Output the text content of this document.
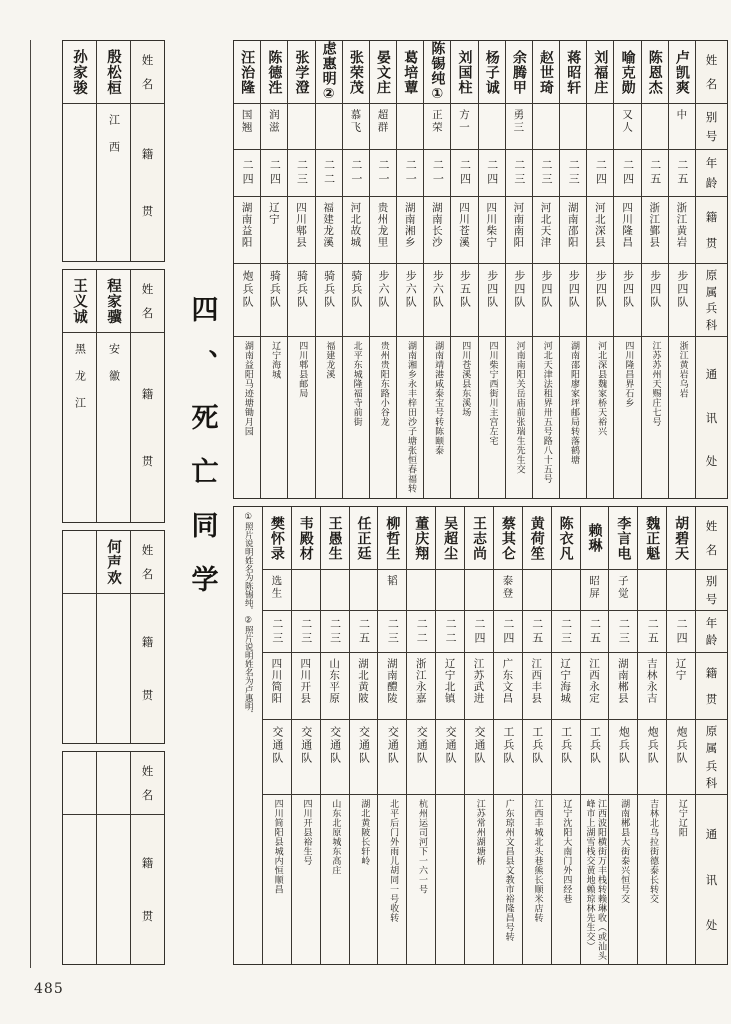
姓
名
籍
贯
殷松桓
江西
孙家骏
姓
名
籍
贯
程家骥
安徽
王义诚
黑龙江
姓
名
籍
贯
何声欢
姓
名
籍
贯
四、死亡同学
姓
名
别
号
年
龄
籍
贯
原
属
兵
科
通
讯
处
卢凯爽
中
二五
浙江黄岩
步四队
浙江黄岩乌岩
陈恩杰
二五
浙江鄞县
步四队
江苏苏州天赐庄七号
喻克勋
又人
二四
四川隆昌
步四队
四川隆昌界石乡
刘福庄
二四
河北深县
步四队
河北深县魏家桥天裕兴
蒋昭轩
二三
湖南邵阳
步四队
湖南邵阳廖家坪邮局转落鹤塘
赵世琦
二三
河北天津
步四队
河北天津法租界卅五号路八十五号
余腾甲
勇三
二三
河南南阳
步四队
河南南阳关岳庙前张瑞生先生交
杨子诚
二四
四川柴宁
步四队
四川柴宁西街川主宫左宅
刘国柱
方一
二四
四川苍溪
步五队
四川苍溪县东溪场
陈锡纯①
正荣
二一
湖南长沙
步六队
湖南靖港咸泰宝号转陈颐泰
葛培蕈
二一
湖南湘乡
步六队
湖南湘乡永丰梓田沙子塘张恒春福转
晏文庄
超群
二一
贵州龙里
步六队
贵州贵阳东路小谷龙
张荣茂
慕飞
二一
河北故城
骑兵队
北平东城隆福寺前街
虑惠明②
二二
福建龙溪
骑兵队
福建龙溪
张学澄
二三
四川郫县
骑兵队
四川郫县邮局
陈德泩
润滋
二四
辽宁
骑兵队
辽宁海城
汪治隆
国翘
二四
湖南益阳
炮兵队
湖南益阳马迹塘锄月园
姓
名
别
号
年
龄
籍
贯
原
属
兵
科
通
讯
处
胡碧天
二四
辽宁
炮兵队
辽宁辽阳
魏正魁
二五
吉林永吉
炮兵队
吉林北乌拉街德泰长转交
李言电
子觉
二三
湖南郴县
炮兵队
湖南郴县大街泰兴恒号交
赖琳
昭屏
二五
江西永定
工兵队
江西波阳横街万丰栈转赖琳收（或汕头峰市上湖雪栈交黄地赖琼林先生交）
陈衣凡
二三
辽宁海城
工兵队
辽宁沈阳大南门外四经巷
黄荷笙
二五
江西丰县
工兵队
江西丰城北头巷熊长顺米店转
蔡其仑
泰登
二四
广东文昌
工兵队
广东琼州文昌县文教市裕隆昌号转
王志尚
二四
江苏武进
交通队
江苏常州湖塘桥
吴超尘
二二
辽宁北镇
交通队
董庆翔
二二
浙江永嘉
交通队
杭州运司河下一六一号
柳哲生
韬
二三
湖南醴陵
交通队
北平后门外雨儿胡同一号收转
任正廷
二五
湖北黄陂
交通队
湖北黄陂长轩岭
王愚生
二三
山东平原
交通队
山东北原城东高庄
韦殿材
二三
四川开县
交通队
四川开县裕生号
樊怀录
选生
二三
四川简阳
交通队
四川简阳县城内恒顺昌
①照片说明姓名为陈锡纯．②照片说明姓名为卢惠明．
485
